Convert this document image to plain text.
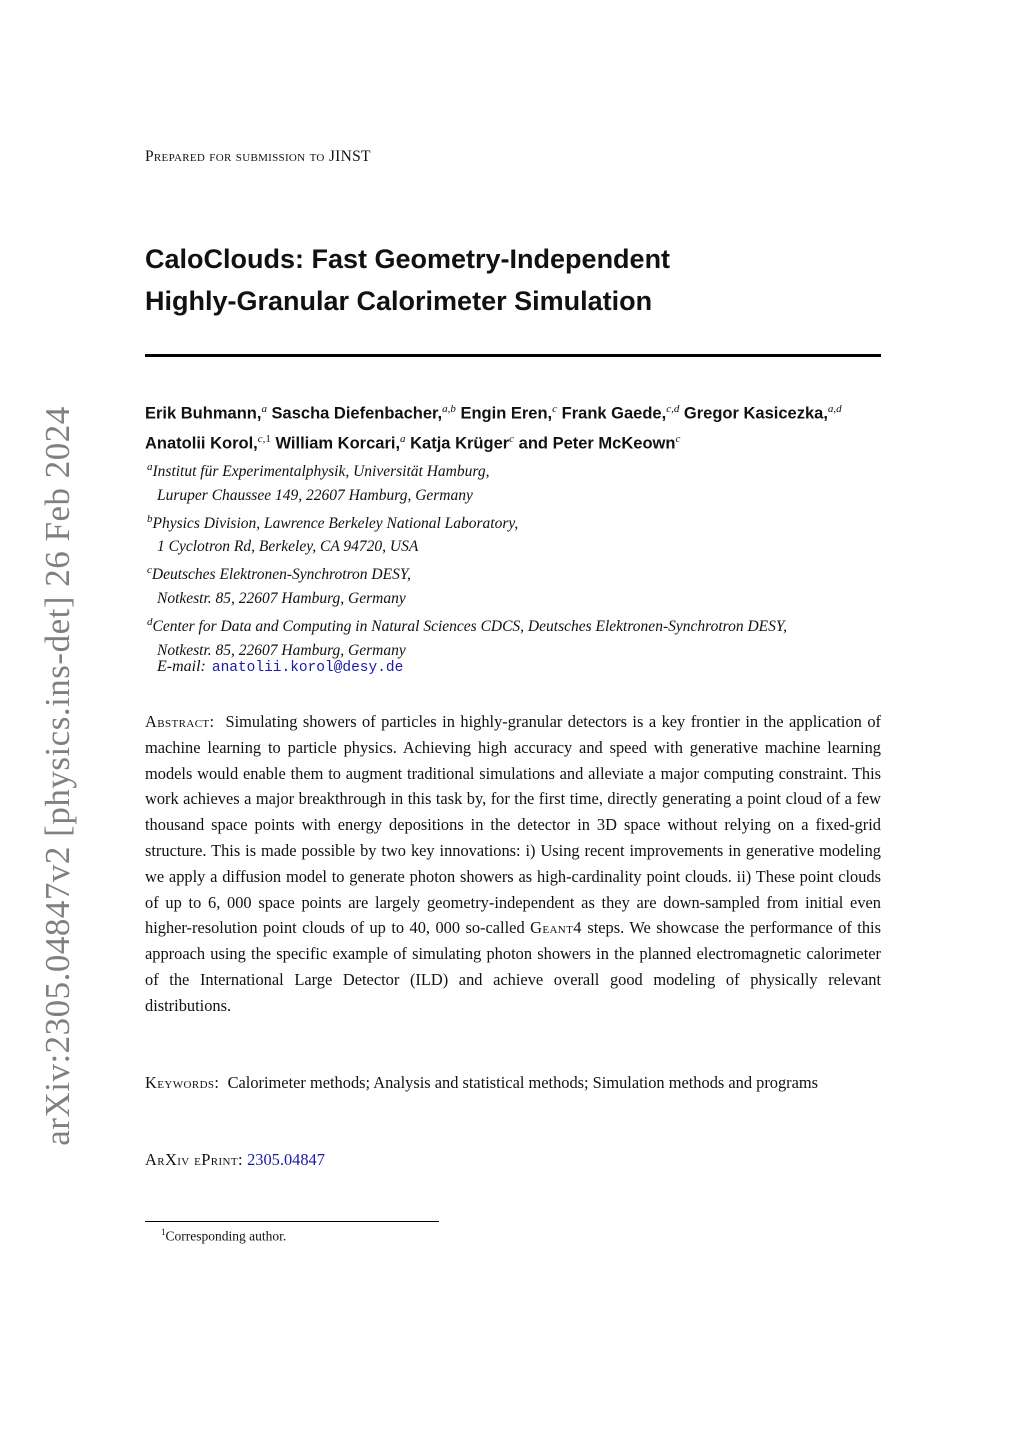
arXiv:2305.04847v2 [physics.ins-det] 26 Feb 2024
Prepared for submission to JINST
CaloClouds: Fast Geometry-Independent
Highly-Granular Calorimeter Simulation
Erik Buhmann,$^a$ Sascha Diefenbacher,$^{a,b}$ Engin Eren,$^c$ Frank Gaede,$^{c,d}$ Gregor Kasicezka,$^{a,d}$ Anatolii Korol,$^{c,1}$ William Korcari,$^a$ Katja Krüger$^c$ and Peter McKeown$^c$
$^a$Institut für Experimentalphysik, Universität Hamburg,
Luruper Chaussee 149, 22607 Hamburg, Germany
$^b$Physics Division, Lawrence Berkeley National Laboratory,
1 Cyclotron Rd, Berkeley, CA 94720, USA
$^c$Deutsches Elektronen-Synchrotron DESY,
Notkestr. 85, 22607 Hamburg, Germany
$^d$Center for Data and Computing in Natural Sciences CDCS, Deutsches Elektronen-Synchrotron DESY,
Notkestr. 85, 22607 Hamburg, Germany
E-mail: anatolii.korol@desy.de
Abstract: Simulating showers of particles in highly-granular detectors is a key frontier in the application of machine learning to particle physics. Achieving high accuracy and speed with generative machine learning models would enable them to augment traditional simulations and alleviate a major computing constraint. This work achieves a major breakthrough in this task by, for the first time, directly generating a point cloud of a few thousand space points with energy depositions in the detector in 3D space without relying on a fixed-grid structure. This is made possible by two key innovations: i) Using recent improvements in generative modeling we apply a diffusion model to generate photon showers as high-cardinality point clouds. ii) These point clouds of up to 6, 000 space points are largely geometry-independent as they are down-sampled from initial even higher-resolution point clouds of up to 40, 000 so-called Geant4 steps. We showcase the performance of this approach using the specific example of simulating photon showers in the planned electromagnetic calorimeter of the International Large Detector (ILD) and achieve overall good modeling of physically relevant distributions.
Keywords: Calorimeter methods; Analysis and statistical methods; Simulation methods and programs
ArXiv ePrint: 2305.04847
$^1$Corresponding author.
